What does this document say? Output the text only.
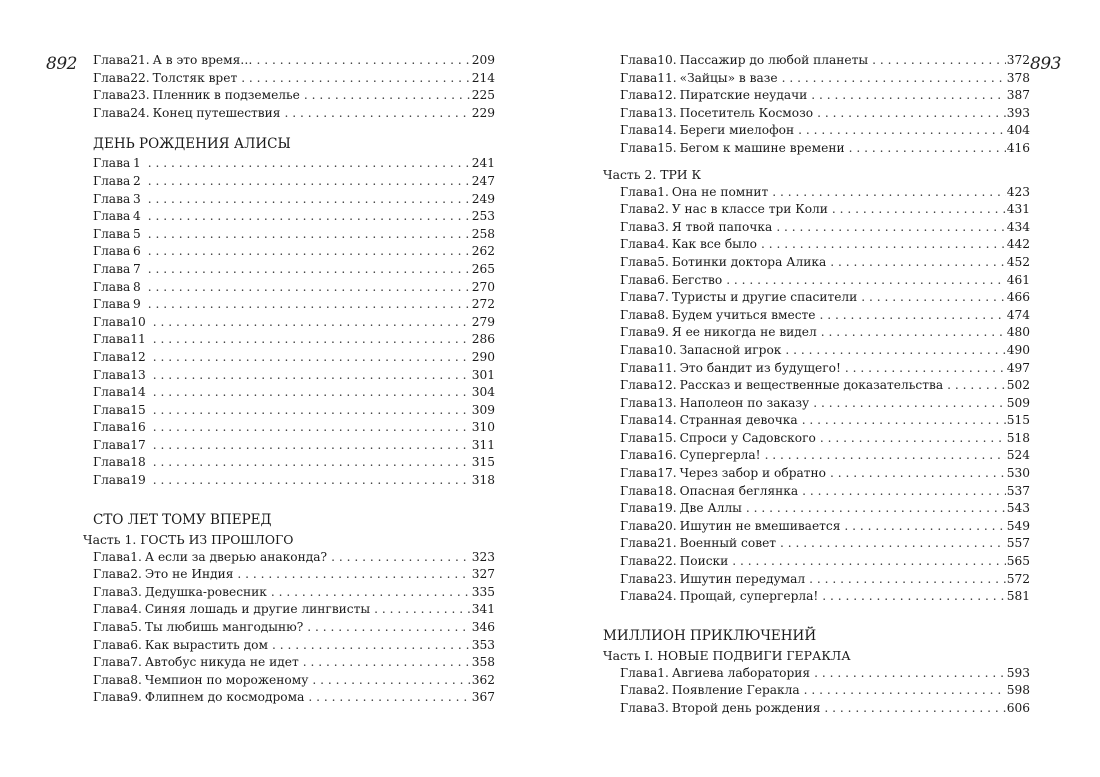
892 Глава 21. А в это время… . . .	209
Глава 22. Толстяк врет . . .	214
Глава 23. Пленник в подземелье . . .	225
Глава 24. Конец путешествия . . .	229
ДЕНЬ РОЖДЕНИЯ АЛИСЫ
Глава 1 . . .	241
Глава 2 . . .	247
Глава 3 . . .	249
Глава 4 . . .	253
Глава 5 . . .	258
Глава 6 . . .	262
Глава 7 . . .	265
Глава 8 . . .	270
Глава 9 . . .	272
Глава 10 . . .	279
Глава 11 . . .	286
Глава 12 . . .	290
Глава 13 . . .	301
Глава 14 . . .	304
Глава 15 . . .	309
Глава 16 . . .	310
Глава 17 . . .	311
Глава 18 . . .	315
Глава 19 . . .	318
СТО ЛЕТ ТОМУ ВПЕРЕД
Часть 1. ГОСТЬ ИЗ ПРОШЛОГО
Глава 1. А если за дверью анаконда? . . .	323
Глава 2. Это не Индия . . .	327
Глава 3. Дедушка-ровесник . . .	335
Глава 4. Синяя лошадь и другие лингвисты . . .	341
Глава 5. Ты любишь мангодыню? . . .	346
Глава 6. Как вырастить дом . . .	353
Глава 7. Автобус никуда не идет . . .	358
Глава 8. Чемпион по мороженому . . .	362
Глава 9. Флипнем до космодрома . . .	367
893
Глава 10. Пассажир до любой планеты . . .	372
Глава 11. «Зайцы» в вазе . . .	378
Глава 12. Пиратские неудачи . . .	387
Глава 13. Посетитель Космозо . . .	393
Глава 14. Береги миелофон . . .	404
Глава 15. Бегом к машине времени . . .	416
Часть 2. ТРИ К
Глава 1. Она не помнит . . .	423
Глава 2. У нас в классе три Коли . . .	431
Глава 3. Я твой папочка . . .	434
Глава 4. Как все было . . .	442
Глава 5. Ботинки доктора Алика . . .	452
Глава 6. Бегство . . .	461
Глава 7. Туристы и другие спасители . . .	466
Глава 8. Будем учиться вместе . . .	474
Глава 9. Я ее никогда не видел . . .	480
Глава 10. Запасной игрок . . .	490
Глава 11. Это бандит из будущего! . . .	497
Глава 12. Рассказ и вещественные доказательства . . .	502
Глава 13. Наполеон по заказу . . .	509
Глава 14. Странная девочка . . .	515
Глава 15. Спроси у Садовского . . .	518
Глава 16. Супергерла! . . .	524
Глава 17. Через забор и обратно . . .	530
Глава 18. Опасная беглянка . . .	537
Глава 19. Две Аллы . . .	543
Глава 20. Ишутин не вмешивается . . .	549
Глава 21. Военный совет . . .	557
Глава 22. Поиски . . .	565
Глава 23. Ишутин передумал . . .	572
Глава 24. Прощай, супергерла! . . .	581
МИЛЛИОН ПРИКЛЮЧЕНИЙ
Часть I. НОВЫЕ ПОДВИГИ ГЕРАКЛА
Глава 1. Авгиева лаборатория . . .	593
Глава 2. Появление Геракла . . .	598
Глава 3. Второй день рождения . . .	606
